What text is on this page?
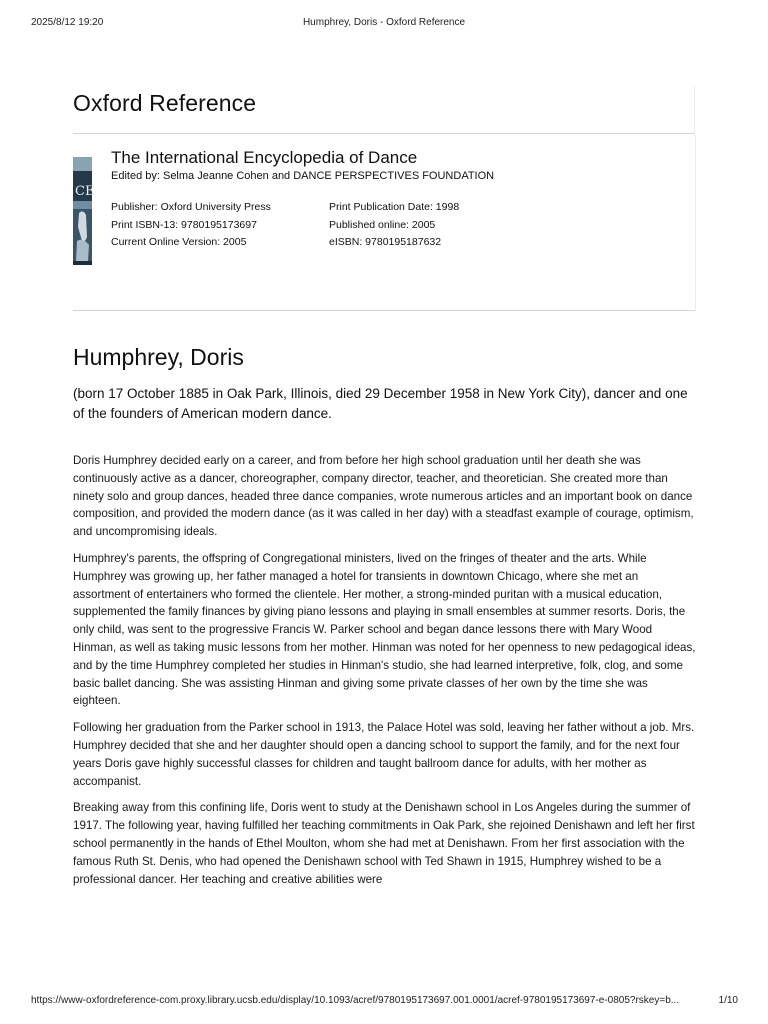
2025/8/12 19:20	Humphrey, Doris - Oxford Reference
Oxford Reference
CE
The International Encyclopedia of Dance
Edited by: Selma Jeanne Cohen and DANCE PERSPECTIVES FOUNDATION
Publisher: Oxford University Press
Print ISBN-13: 9780195173697
Current Online Version: 2005
Print Publication Date: 1998
Published online: 2005
eISBN: 9780195187632
Humphrey, Doris

(born 17 October 1885 in Oak Park, Illinois, died 29 December 1958 in New York City), dancer and one of the founders of American modern dance.

Doris Humphrey decided early on a career, and from before her high school graduation until her death she was continuously active as a dancer, choreographer, company director, teacher, and theoretician. She created more than ninety solo and group dances, headed three dance companies, wrote numerous articles and an important book on dance composition, and provided the modern dance (as it was called in her day) with a steadfast example of courage, optimism, and uncompromising ideals.

Humphrey's parents, the offspring of Congregational ministers, lived on the fringes of theater and the arts. While Humphrey was growing up, her father managed a hotel for transients in downtown Chicago, where she met an assortment of entertainers who formed the clientele. Her mother, a strong-minded puritan with a musical education, supplemented the family finances by giving piano lessons and playing in small ensembles at summer resorts. Doris, the only child, was sent to the progressive Francis W. Parker school and began dance lessons there with Mary Wood Hinman, as well as taking music lessons from her mother. Hinman was noted for her openness to new pedagogical ideas, and by the time Humphrey completed her studies in Hinman's studio, she had learned interpretive, folk, clog, and some basic ballet dancing. She was assisting Hinman and giving some private classes of her own by the time she was eighteen.

Following her graduation from the Parker school in 1913, the Palace Hotel was sold, leaving her father without a job. Mrs. Humphrey decided that she and her daughter should open a dancing school to support the family, and for the next four years Doris gave highly successful classes for children and taught ballroom dance for adults, with her mother as accompanist.

Breaking away from this confining life, Doris went to study at the Denishawn school in Los Angeles during the summer of 1917. The following year, having fulfilled her teaching commitments in Oak Park, she rejoined Denishawn and left her first school permanently in the hands of Ethel Moulton, whom she had met at Denishawn. From her first association with the famous Ruth St. Denis, who had opened the Denishawn school with Ted Shawn in 1915, Humphrey wished to be a professional dancer. Her teaching and creative abilities were

https://www-oxfordreference-com.proxy.library.ucsb.edu/display/10.1093/acref/9780195173697.001.0001/acref-9780195173697-e-0805?rskey=b...	1/10
